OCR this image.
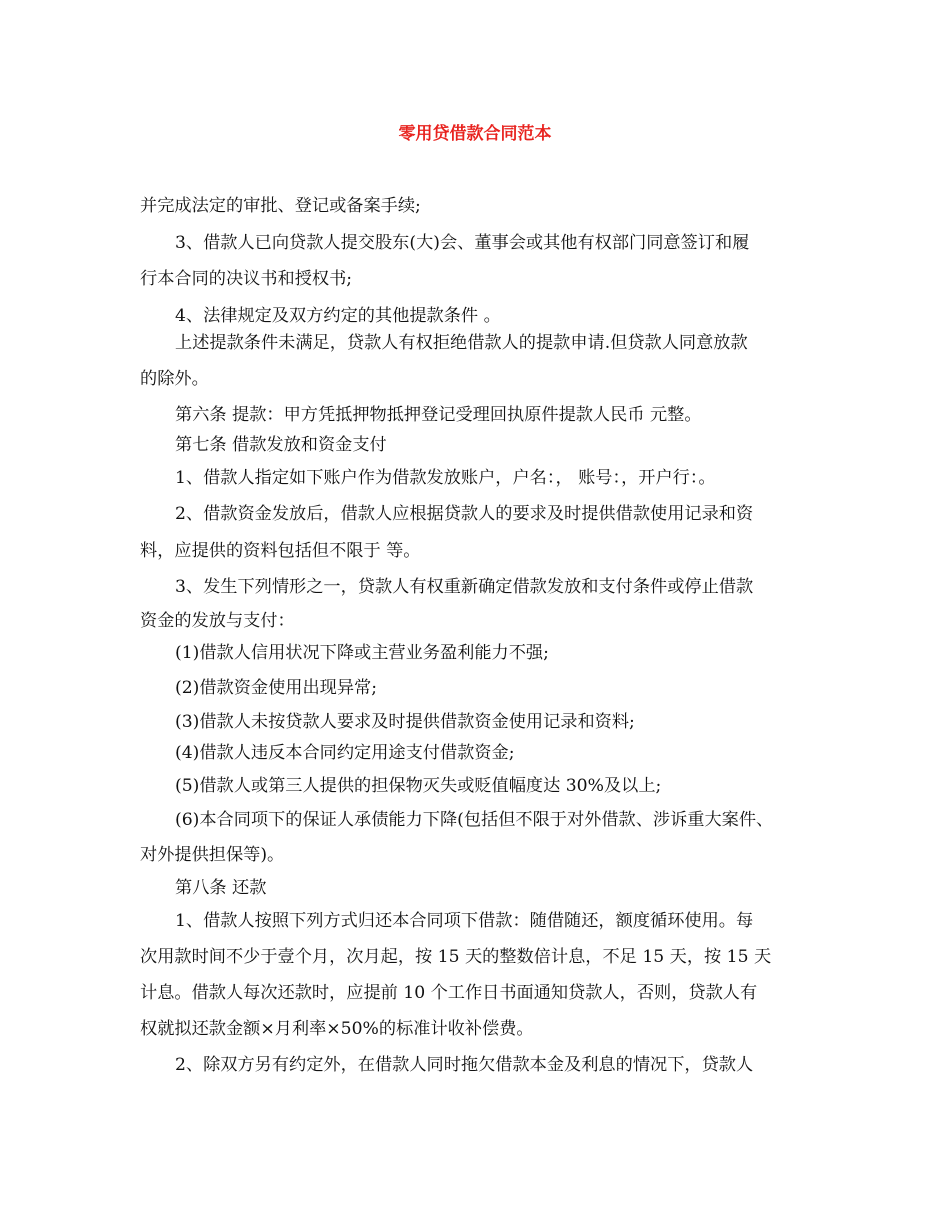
零用贷借款合同范本
并完成法定的审批、登记或备案手续;
3、借款人已向贷款人提交股东(大)会、董事会或其他有权部门同意签订和履
行本合同的决议书和授权书;
4、法律规定及双方约定的其他提款条件 。
上述提款条件未满足，贷款人有权拒绝借款人的提款申请.但贷款人同意放款
的除外。
第六条 提款：甲方凭抵押物抵押登记受理回执原件提款人民币 元整。
第七条 借款发放和资金支付
1、借款人指定如下账户作为借款发放账户，户名：， 账号：，开户行：。
2、借款资金发放后，借款人应根据贷款人的要求及时提供借款使用记录和资
料，应提供的资料包括但不限于 等。
3、发生下列情形之一，贷款人有权重新确定借款发放和支付条件或停止借款
资金的发放与支付：
(1)借款人信用状况下降或主营业务盈利能力不强;
(2)借款资金使用出现异常;
(3)借款人未按贷款人要求及时提供借款资金使用记录和资料;
(4)借款人违反本合同约定用途支付借款资金;
(5)借款人或第三人提供的担保物灭失或贬值幅度达 30%及以上;
(6)本合同项下的保证人承债能力下降(包括但不限于对外借款、涉诉重大案件、
对外提供担保等)。
第八条 还款
1、借款人按照下列方式归还本合同项下借款：随借随还，额度循环使用。每
次用款时间不少于壹个月，次月起，按 15 天的整数倍计息，不足 15 天，按 15 天
计息。借款人每次还款时，应提前 10 个工作日书面通知贷款人，否则，贷款人有
权就拟还款金额×月利率×50%的标准计收补偿费。
2、除双方另有约定外，在借款人同时拖欠借款本金及利息的情况下，贷款人
